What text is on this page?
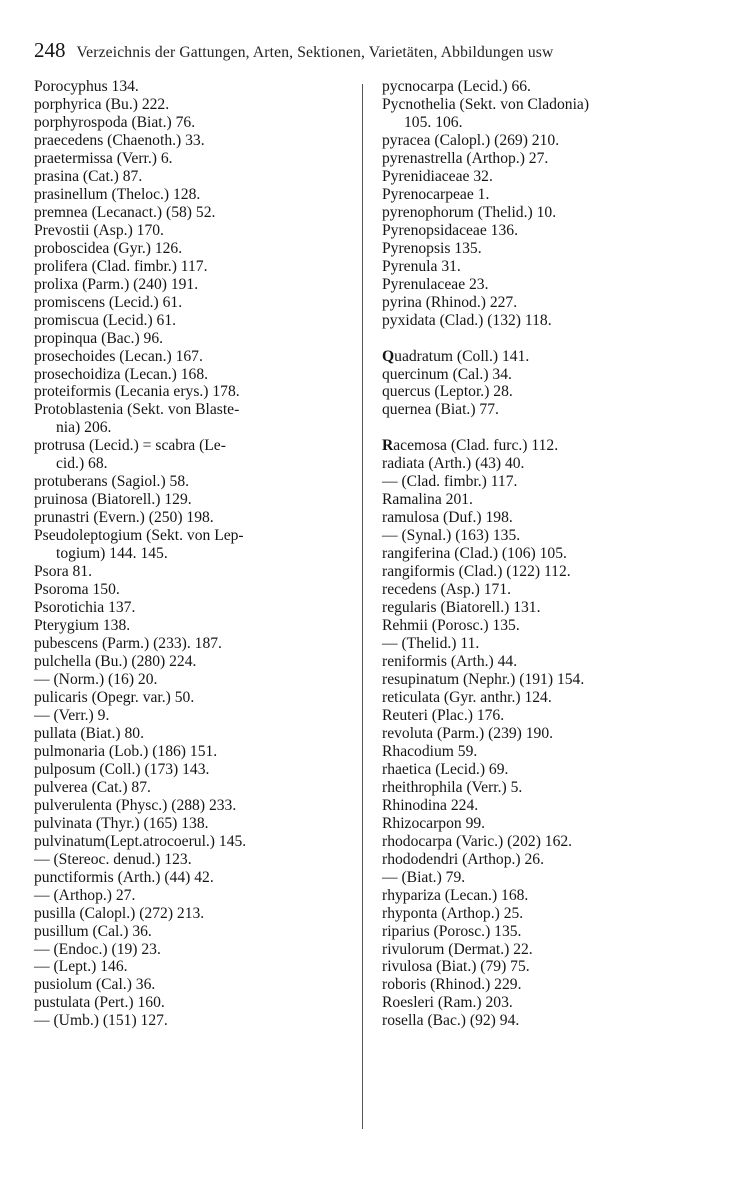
248 Verzeichnis der Gattungen, Arten, Sektionen, Varietäten, Abbildungen usw
Porocyphus 134.
porphyrica (Bu.) 222.
porphyrospoda (Biat.) 76.
praecedens (Chaenoth.) 33.
praetermissa (Verr.) 6.
prasina (Cat.) 87.
prasinellum (Theloc.) 128.
premnea (Lecanact.) (58) 52.
Prevostii (Asp.) 170.
proboscidea (Gyr.) 126.
prolifera (Clad. fimbr.) 117.
prolixa (Parm.) (240) 191.
promiscens (Lecid.) 61.
promiscua (Lecid.) 61.
propinqua (Bac.) 96.
prosechoides (Lecan.) 167.
prosechoidiza (Lecan.) 168.
proteiformis (Lecania erys.) 178.
Protoblastenia (Sekt. von Blaste-
nia) 206.
protrusa (Lecid.) = scabra (Le-
cid.) 68.
protuberans (Sagiol.) 58.
pruinosa (Biatorell.) 129.
prunastri (Evern.) (250) 198.
Pseudoleptogium (Sekt. von Lep-
togium) 144. 145.
Psora 81.
Psoroma 150.
Psorotichia 137.
Pterygium 138.
pubescens (Parm.) (233). 187.
pulchella (Bu.) (280) 224.
— (Norm.) (16) 20.
pulicaris (Opegr. var.) 50.
— (Verr.) 9.
pullata (Biat.) 80.
pulmonaria (Lob.) (186) 151.
pulposum (Coll.) (173) 143.
pulverea (Cat.) 87.
pulverulenta (Physc.) (288) 233.
pulvinata (Thyr.) (165) 138.
pulvinatum(Lept.atrocoerul.) 145.
— (Stereoc. denud.) 123.
punctiformis (Arth.) (44) 42.
— (Arthop.) 27.
pusilla (Calopl.) (272) 213.
pusillum (Cal.) 36.
— (Endoc.) (19) 23.
— (Lept.) 146.
pusiolum (Cal.) 36.
pustulata (Pert.) 160.
— (Umb.) (151) 127.
pycnocarpa (Lecid.) 66.
Pycnothelia (Sekt. von Cladonia)
105. 106.
pyracea (Calopl.) (269) 210.
pyrenastrella (Arthop.) 27.
Pyrenidiaceae 32.
Pyrenocarpeae 1.
pyrenophorum (Thelid.) 10.
Pyrenopsidaceae 136.
Pyrenopsis 135.
Pyrenula 31.
Pyrenulaceae 23.
pyrina (Rhinod.) 227.
pyxidata (Clad.) (132) 118.
Quadratum (Coll.) 141.
quercinum (Cal.) 34.
quercus (Leptor.) 28.
quernea (Biat.) 77.
Racemosa (Clad. furc.) 112.
radiata (Arth.) (43) 40.
— (Clad. fimbr.) 117.
Ramalina 201.
ramulosa (Duf.) 198.
— (Synal.) (163) 135.
rangiferina (Clad.) (106) 105.
rangiformis (Clad.) (122) 112.
recedens (Asp.) 171.
regularis (Biatorell.) 131.
Rehmii (Porosc.) 135.
— (Thelid.) 11.
reniformis (Arth.) 44.
resupinatum (Nephr.) (191) 154.
reticulata (Gyr. anthr.) 124.
Reuteri (Plac.) 176.
revoluta (Parm.) (239) 190.
Rhacodium 59.
rhaetica (Lecid.) 69.
rheithrophila (Verr.) 5.
Rhinodina 224.
Rhizocarpon 99.
rhodocarpa (Varic.) (202) 162.
rhododendri (Arthop.) 26.
— (Biat.) 79.
rhypariza (Lecan.) 168.
rhyponta (Arthop.) 25.
riparius (Porosc.) 135.
rivulorum (Dermat.) 22.
rivulosa (Biat.) (79) 75.
roboris (Rhinod.) 229.
Roesleri (Ram.) 203.
rosella (Bac.) (92) 94.
